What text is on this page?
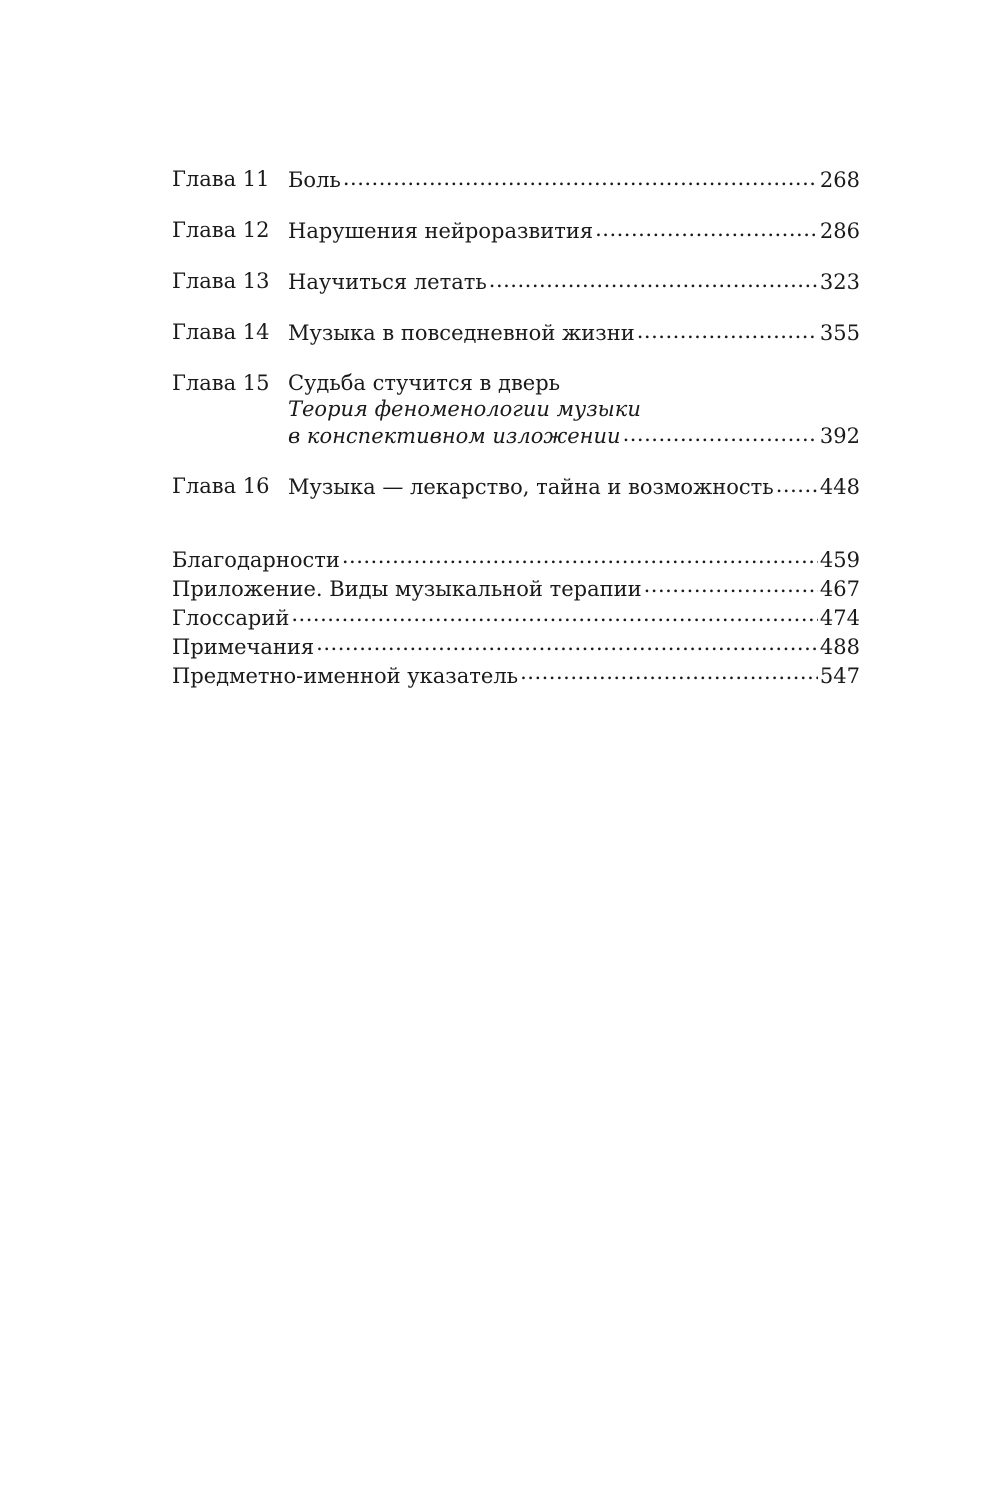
Глава 11 Боль .....	268
Глава 12 Нарушения нейроразвития .....	286
Глава 13 Научиться летать .....	323
Глава 14 Музыка в повседневной жизни .....	355
Глава 15 Судьба стучится в дверь
Теория феноменологии музыки
в конспективном изложении .....	392
Глава 16 Музыка — лекарство, тайна и возможность ..... 448
Благодарности .....	459
Приложение. Виды музыкальной терапии .....	467
Глоссарий .....	474
Примечания .....	488
Предметно-именной указатель .....	547
